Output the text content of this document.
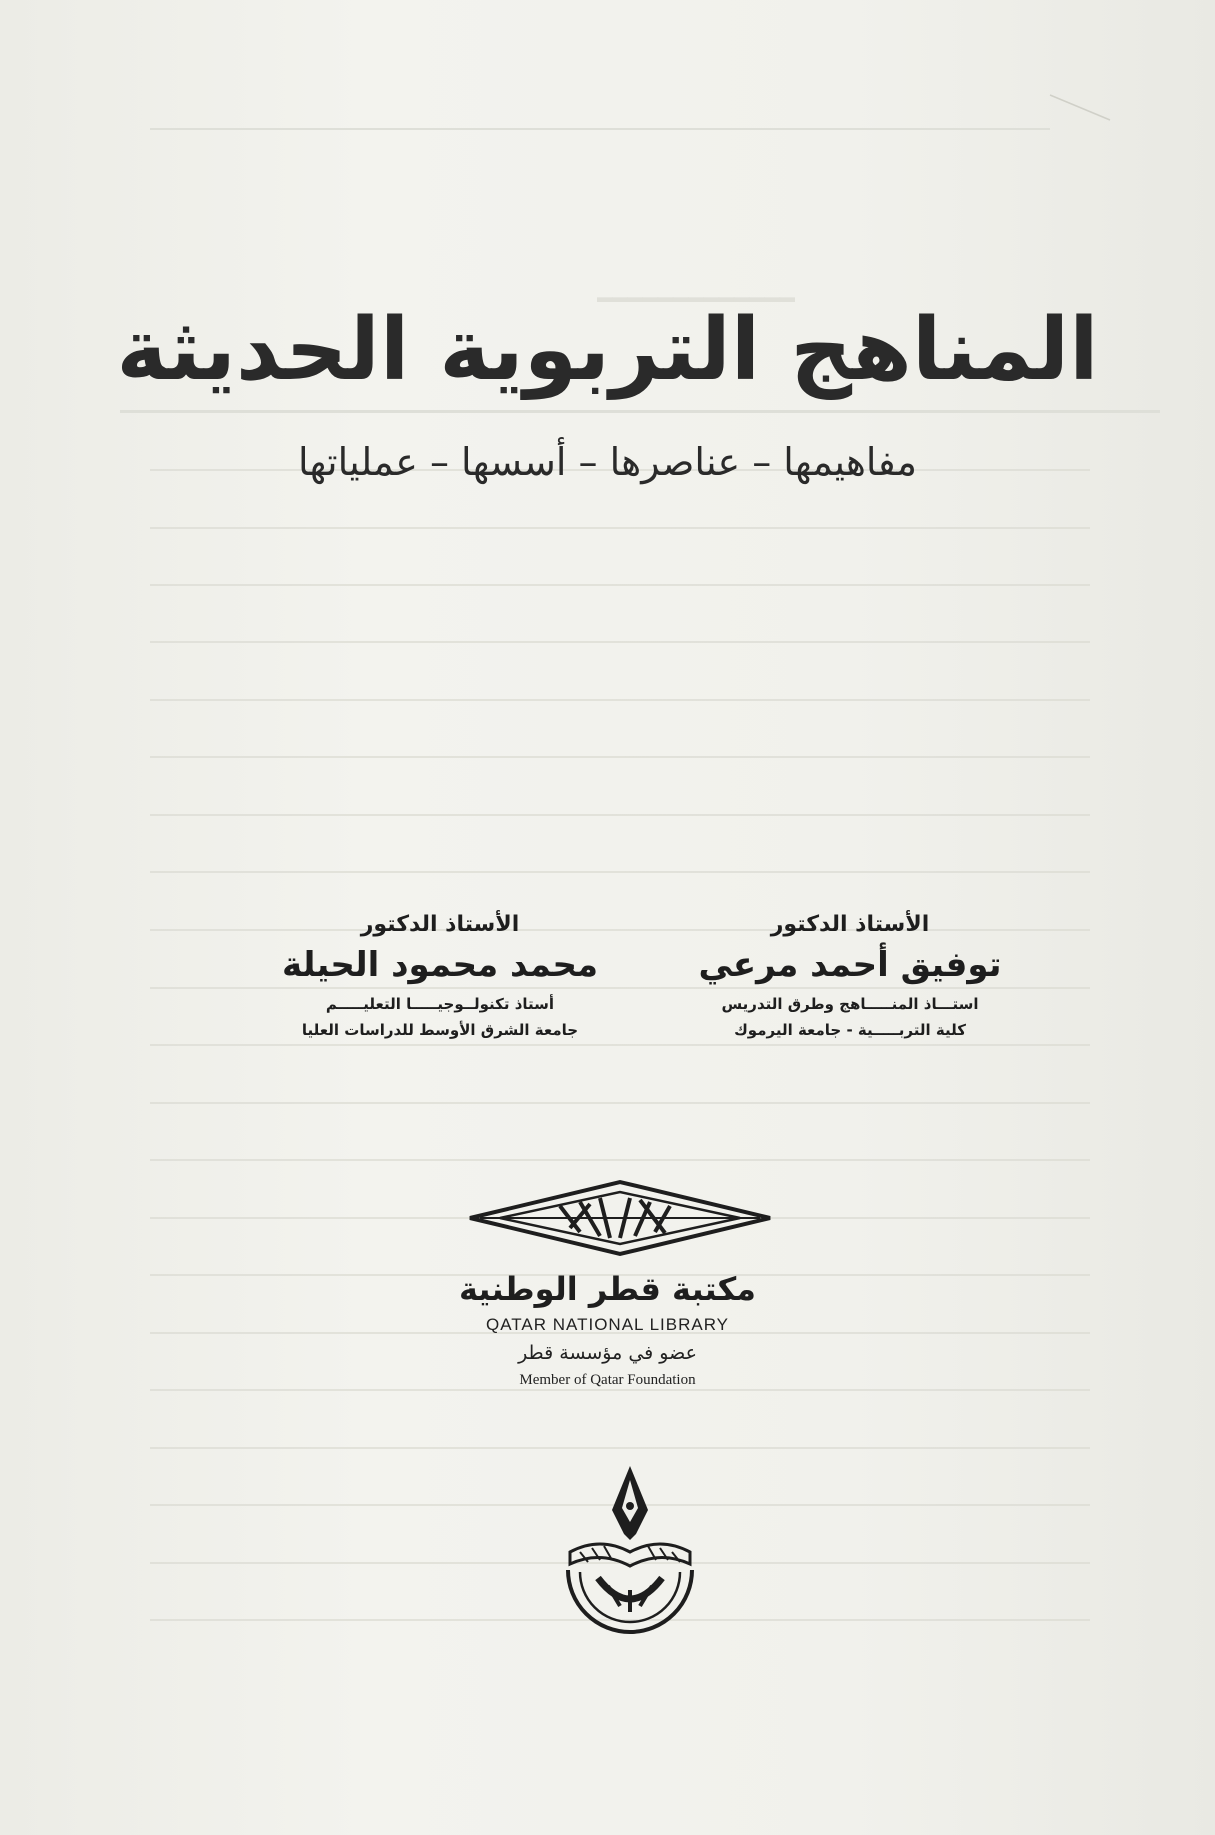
ـــــــــــــ
المناهج التربوية الحديثة
مفاهيمها – عناصرها – أسسها – عملياتها
الأستاذ الدكتور
توفيق أحمد مرعي
استـــاذ المنـــــاهج وطرق التدريس
كلية التربـــــية - جامعة اليرموك
الأستاذ الدكتور
محمد محمود الحيلة
أستاذ تكنولــوجيـــــا التعليـــــم
جامعة الشرق الأوسط للدراسات العليا
مكتبة قطر الوطنية
QATAR NATIONAL LIBRARY
عضو في مؤسسة قطر
Member of Qatar Foundation
